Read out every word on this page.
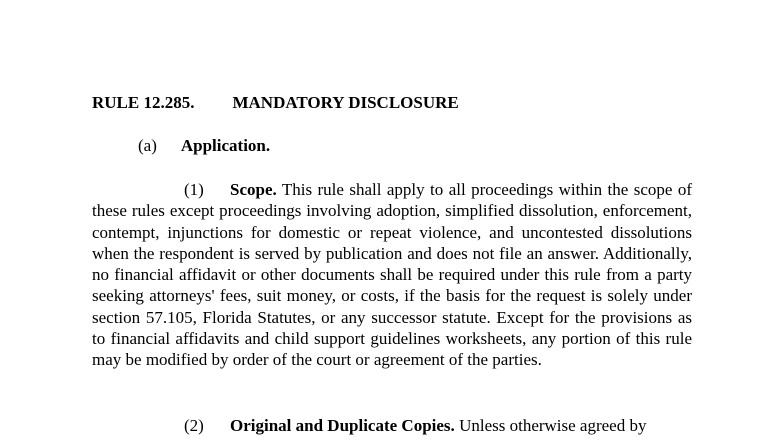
RULE 12.285. MANDATORY DISCLOSURE
(a) Application.
(1) Scope. This rule shall apply to all proceedings within the scope of these rules except proceedings involving adoption, simplified dissolution, enforcement, contempt, injunctions for domestic or repeat violence, and uncontested dissolutions when the respondent is served by publication and does not file an answer. Additionally, no financial affidavit or other documents shall be required under this rule from a party seeking attorneys' fees, suit money, or costs, if the basis for the request is solely under section 57.105, Florida Statutes, or any successor statute. Except for the provisions as to financial affidavits and child support guidelines worksheets, any portion of this rule may be modified by order of the court or agreement of the parties.
(2) Original and Duplicate Copies. Unless otherwise agreed by
